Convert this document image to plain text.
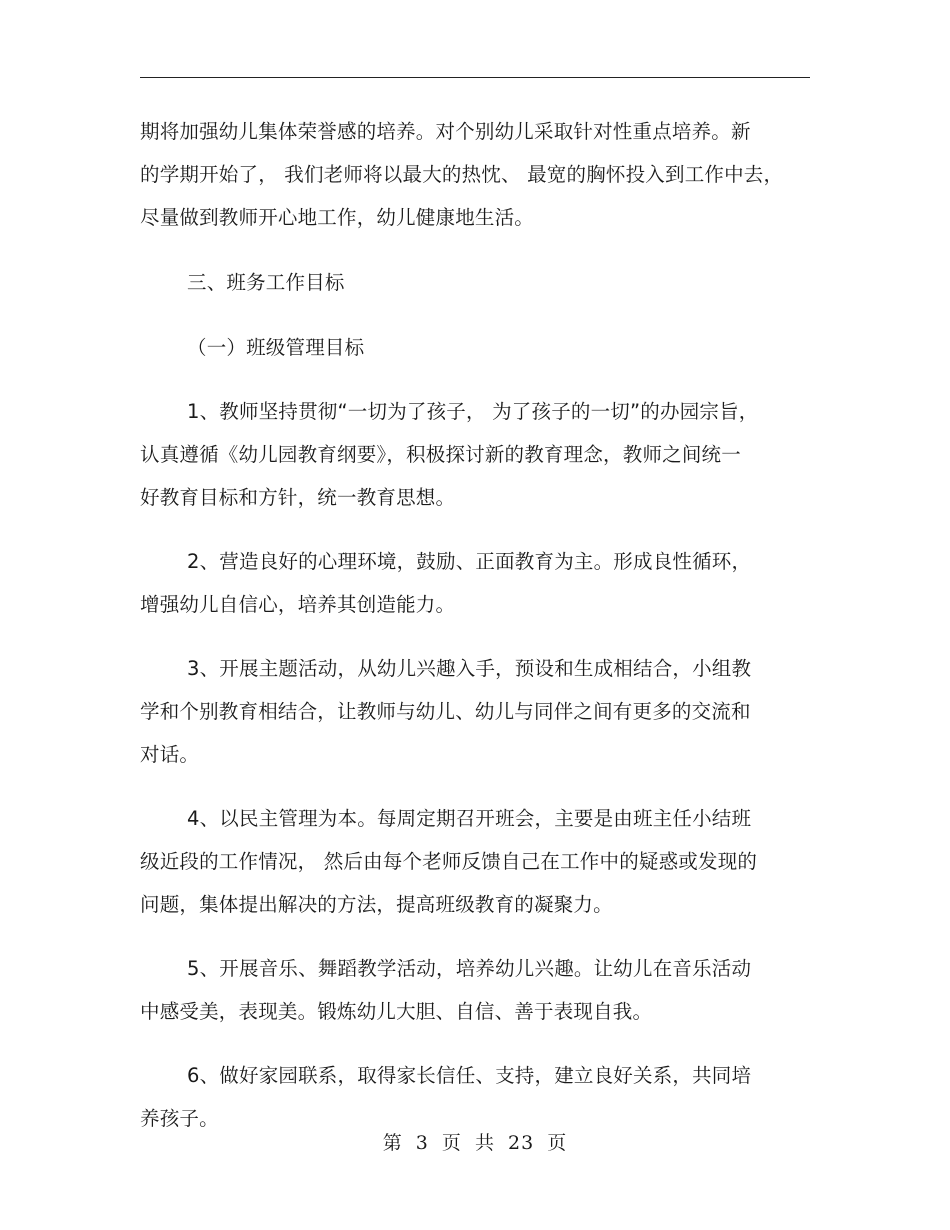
期将加强幼儿集体荣誉感的培养。对个别幼儿采取针对性重点培养。新
的学期开始了， 我们老师将以最大的热忱、 最宽的胸怀投入到工作中去，
尽量做到教师开心地工作，幼儿健康地生活。
三、班务工作目标
（一）班级管理目标
1、教师坚持贯彻“一切为了孩子， 为了孩子的一切”的办园宗旨，
认真遵循《幼儿园教育纲要》，积极探讨新的教育理念，教师之间统一
好教育目标和方针，统一教育思想。
2、营造良好的心理环境，鼓励、正面教育为主。形成良性循环，
增强幼儿自信心，培养其创造能力。
3、开展主题活动，从幼儿兴趣入手，预设和生成相结合，小组教
学和个别教育相结合，让教师与幼儿、幼儿与同伴之间有更多的交流和
对话。
4、以民主管理为本。每周定期召开班会，主要是由班主任小结班
级近段的工作情况， 然后由每个老师反馈自己在工作中的疑惑或发现的
问题，集体提出解决的方法，提高班级教育的凝聚力。
5、开展音乐、舞蹈教学活动，培养幼儿兴趣。让幼儿在音乐活动
中感受美，表现美。锻炼幼儿大胆、自信、善于表现自我。
6、做好家园联系，取得家长信任、支持，建立良好关系，共同培
养孩子。
第 3 页 共 23 页
